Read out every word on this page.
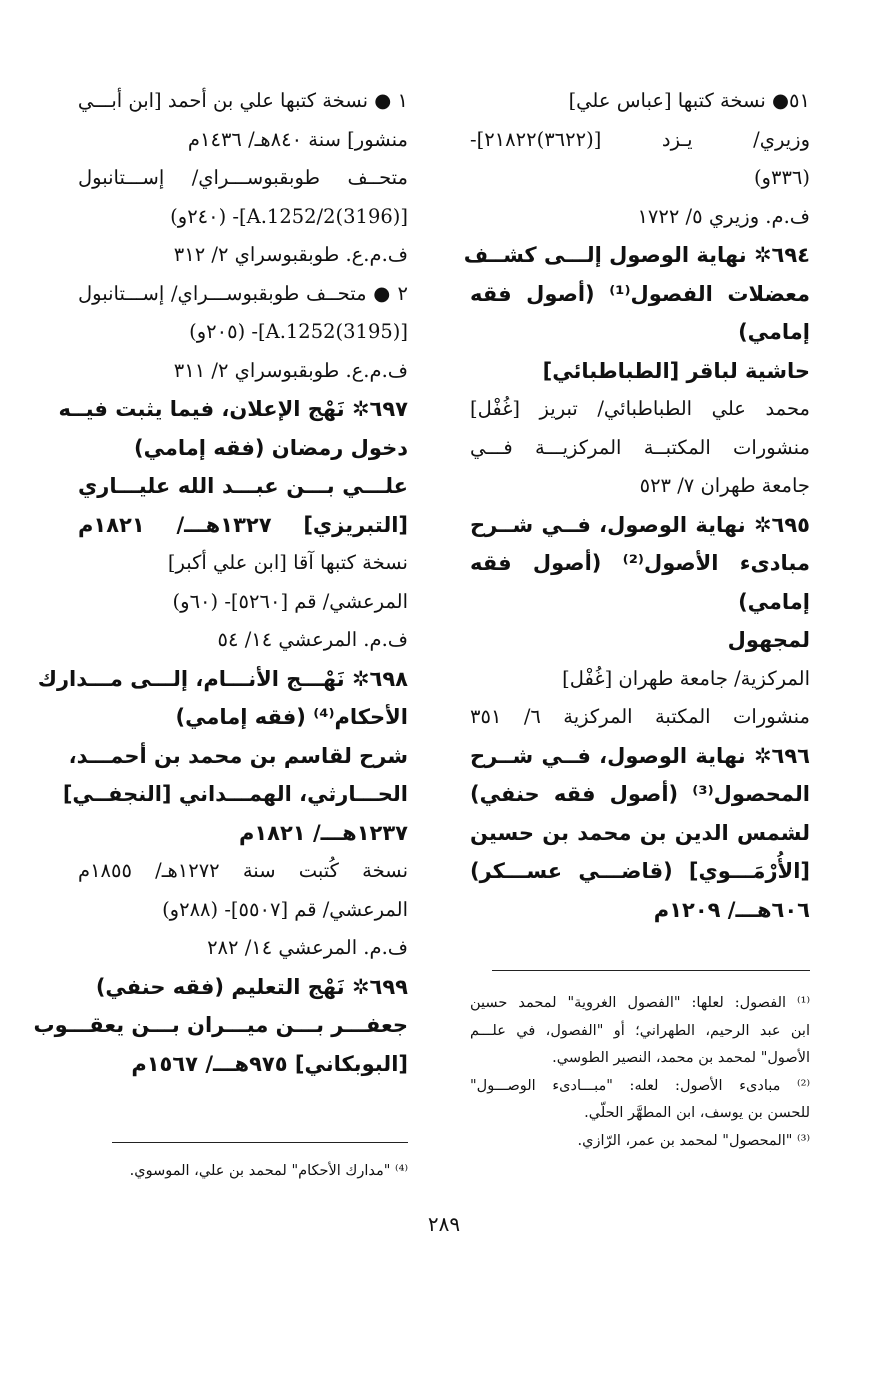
٥١● نسخة كتبها [عباس علي]
وزيري/ يـزد [(٣٦٢٢)٢١٨٢٢]-
(٣٣٦و)
ف.م. وزيري ٥/ ١٧٢٢
٦٩٤✲ نهاية الوصول إلـــى كشــف
معضلات الفصول⁽¹⁾ (أصول فقه
إمامي)
حاشية لباقر [الطباطبائي]
محمد علي الطباطبائي/ تبريز [غُفْل]
منشورات المكتبــة المركزيـــة فـــي
جامعة طهران ٧/ ٥٢٣
٦٩٥✲ نهاية الوصول، فــي شــرح
مبادىء الأصول⁽²⁾ (أصول فقه
إمامي)
لمجهول
المركزية/ جامعة طهران [غُفْل]
منشورات المكتبة المركزية ٦/ ٣٥١
٦٩٦✲ نهاية الوصول، فــي شــرح
المحصول⁽³⁾ (أصول فقه حنفي)
لشمس الدين بن محمد بن حسين
[الأُرْمَـــوي] (قاضـــي عســـكر)
٦٠٦هـــ/ ١٢٠٩م
١ ● نسخة كتبها علي بن أحمد [ابن أبـــي
منشور] سنة ٨٤٠هـ/ ١٤٣٦م
متحــف طوبقبوســـراي/ إســـتانبول
[(3196)A.1252/2]- (٢٤٠و)
ف.م.ع. طوبقبوسراي ٢/ ٣١٢
٢ ● متحــف طوبقبوســـراي/ إســـتانبول
[(3195)A.1252]- (٢٠٥و)
ف.م.ع. طوبقبوسراي ٢/ ٣١١
٦٩٧✲ نَهْج الإعلان، فيما يثبت فيــه
دخول رمضان (فقه إمامي)
علـــي بـــن عبـــد الله عليـــاري
[التبريزي] ١٣٢٧هـــ/ ١٨٢١م
نسخة كتبها آقا [ابن علي أكبر]
المرعشي/ قم [٥٢٦٠]- (٦٠و)
ف.م. المرعشي ١٤/ ٥٤
٦٩٨✲ نَهْـــج الأنـــام، إلـــى مـــدارك
الأحكام⁽⁴⁾ (فقه إمامي)
شرح لقاسم بن محمد بن أحمـــد،
الحـــارثي، الهمـــداني [النجفــي]
١٢٣٧هـــ/ ١٨٢١م
نسخة كُتبت سنة ١٢٧٢هـ/ ١٨٥٥م
المرعشي/ قم [٥٥٠٧]- (٢٨٨و)
ف.م. المرعشي ١٤/ ٢٨٢
٦٩٩✲ نَهْج التعليم (فقه حنفي)
جعفـــر بـــن ميـــران بـــن يعقـــوب
[البوبكاني] ٩٧٥هـــ/ ١٥٦٧م
⁽¹⁾ الفصول: لعلها: "الفصول الغروية" لمحمد حسين
ابن عبد الرحيم، الطهراني؛ أو "الفصول، في علـــم
الأصول" لمحمد بن محمد، النصير الطوسي.
⁽²⁾ مبادىء الأصول: لعله: "مبـــادىء الوصـــول"
للحسن بن يوسف، ابن المطهَّر الحلّي.
⁽³⁾ "المحصول" لمحمد بن عمر، الرّازي.
⁽⁴⁾ "مدارك الأحكام" لمحمد بن علي، الموسوي.
٢٨٩
